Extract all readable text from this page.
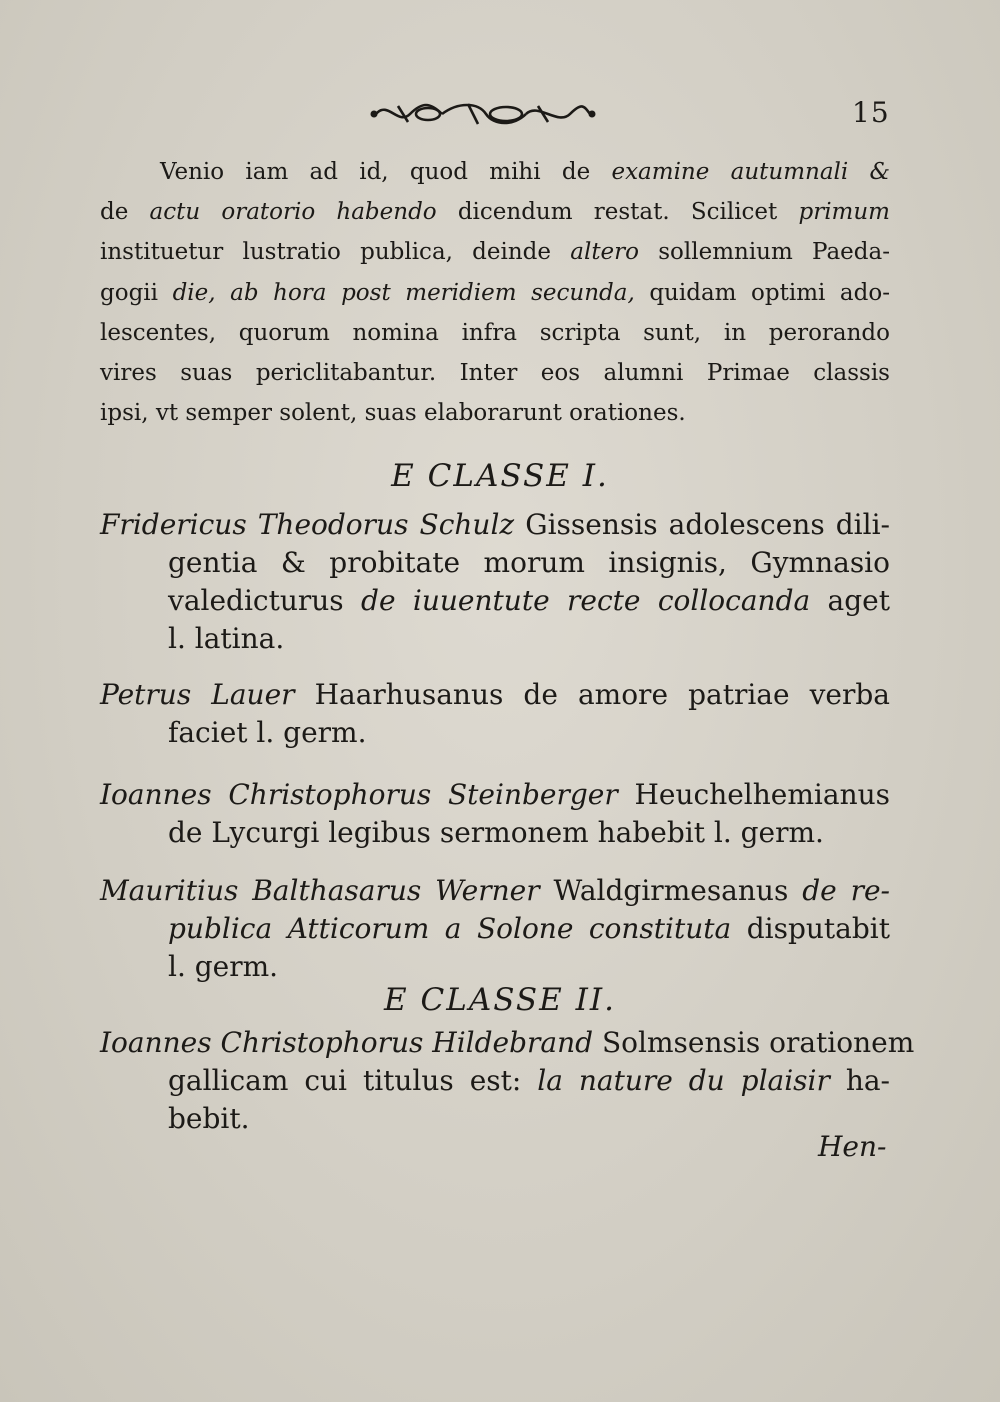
15
Venio iam ad id, quod mihi de examine autumnali &
de actu oratorio habendo dicendum restat. Scilicet primum
instituetur lustratio publica, deinde altero sollemnium Paeda-
gogii die, ab hora post meridiem secunda, quidam optimi ado-
lescentes, quorum nomina infra scripta sunt, in perorando
vires suas periclitabantur. Inter eos alumni Primae classis
ipsi, vt semper solent, suas elaborarunt orationes.
E CLASSE I.
Fridericus Theodorus Schulz Gissensis adolescens dili-
gentia & probitate morum insignis, Gymnasio
valedicturus de iuuentute recte collocanda aget
l. latina.
Petrus Lauer Haarhusanus de amore patriae verba
faciet l. germ.
Ioannes Christophorus Steinberger Heuchelhemianus
de Lycurgi legibus sermonem habebit l. germ.
Mauritius Balthasarus Werner Waldgirmesanus de re-
publica Atticorum a Solone constituta disputabit
l. germ.
E CLASSE II.
Ioannes Christophorus Hildebrand Solmsensis orationem
gallicam cui titulus est: la nature du plaisir ha-
bebit.
Hen-
